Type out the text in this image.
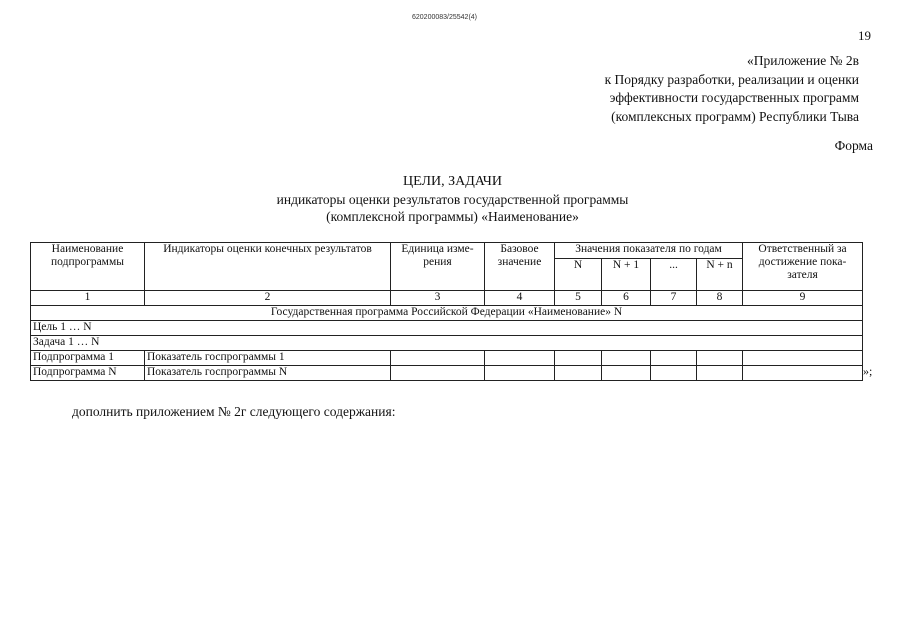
620200083/25542(4)
19
«Приложение № 2в
к Порядку разработки, реализации и оценки
эффективности государственных программ
(комплексных программ) Республики Тыва
Форма
ЦЕЛИ, ЗАДАЧИ
индикаторы оценки результатов государственной программы
(комплексной программы) «Наименование»
Наименование подпрограммы	Индикаторы оценки конечных результатов	Единица изме-рения	Базовое значение	Значения показателя по годам				Ответственный за достижение пока-зателя
				N	N + 1	...	N + n	
1	2	3	4	5	6	7	8	9
Государственная программа Российской Федерации «Наименование» N								
Цель 1 … N								
Задача 1 … N								
Подпрограмма 1	Показатель госпрограммы 1							
Подпрограмма N	Показатель госпрограммы N								»;
дополнить приложением № 2г следующего содержания:
